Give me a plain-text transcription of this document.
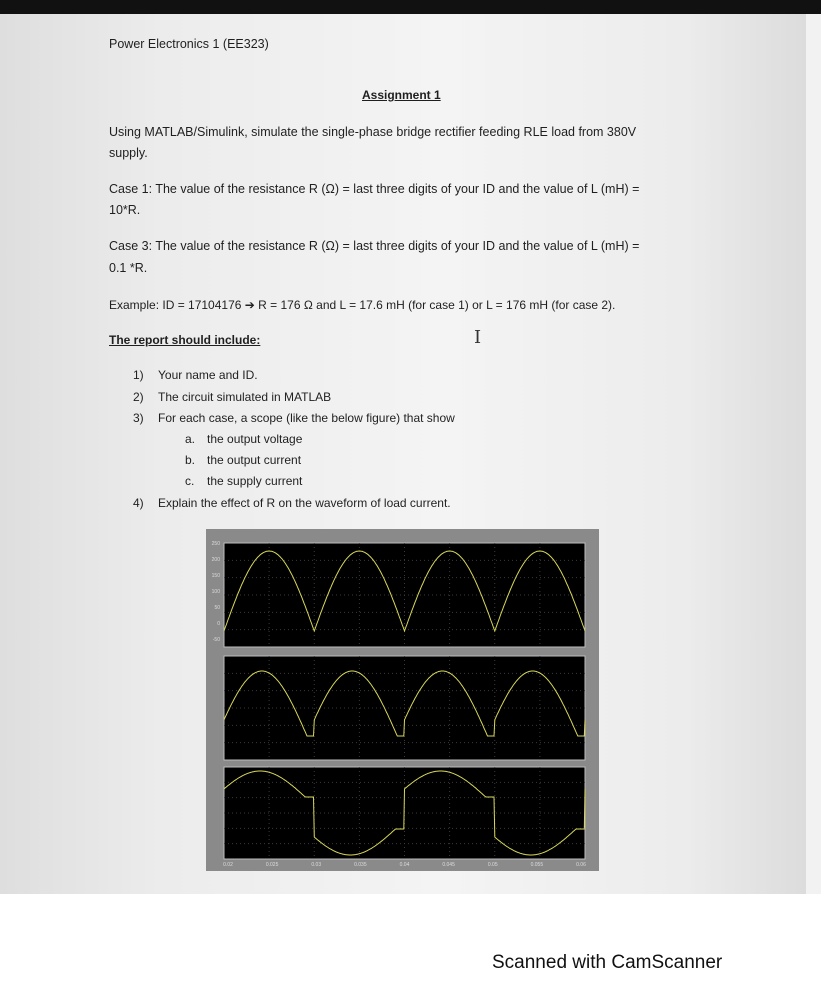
Power Electronics 1 (EE323)
Assignment 1
Using MATLAB/Simulink, simulate the single-phase bridge rectifier feeding RLE load from 380V
supply.
Case 1: The value of the resistance R (Ω) = last three digits of your ID and the value of L (mH) =
10*R.
Case 3: The value of the resistance R (Ω) = last three digits of your ID and the value of L (mH) =
0.1 *R.
Example: ID = 17104176 ➔ R = 176 Ω and L = 17.6 mH (for case 1) or L = 176 mH (for case 2).
The report should include:	I
1) Your name and ID.
2) The circuit simulated in MATLAB
3) For each case, a scope (like the below figure) that show
a. the output voltage
b. the output current
c. the supply current
4) Explain the effect of R on the waveform of load current.
250
200
150
100
50
0
-50
0.02	0.025	0.03	0.035	0.04	0.045	0.05	0.055	0.06
Scanned with CamScanner
